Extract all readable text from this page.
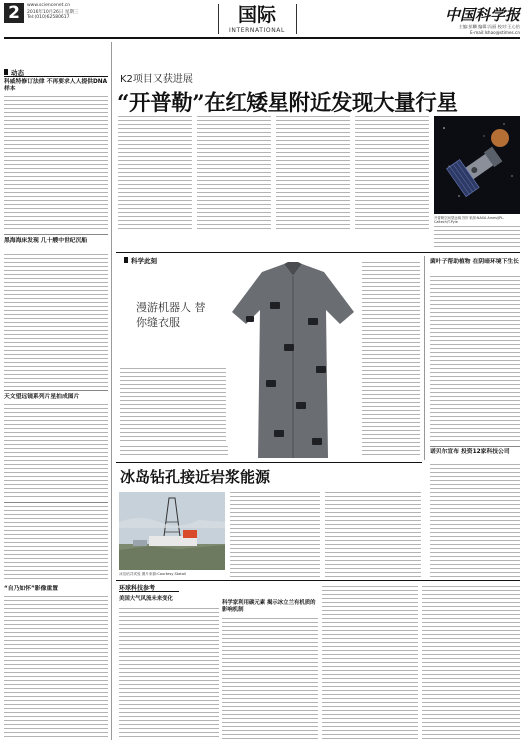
2	2016年10月26日 星期三
www.sciencenet.cn
Tel:(010)62580617	国际
INTERNATIONAL
中国科学报
主编:彭麟 编辑:冯丽 校对:王心怡
E-mail:lshao@stimes.cn
动态
科威特修订法律 不再要求人人提供DNA样本
黑海海床发现 几十艘中世纪沉船
天文望远镜系列片星拍成图片
“自乃如怀”影像重置
K2项目又获进展
“开普勒”在红矮星附近发现大量行星
开普勒空间望远镜 图片来源:NASA Ames/JPL-Caltech/T.Pyle
科学此刻
漫游机器人 替你缝衣服
菌叶子帮助植物 在阴暗环境下生长
诺贝尔宣布 投资12家科技公司
冰岛钻孔接近岩浆能源
冰岛钻井试验 图片来源:Courtesy Statoil
环球科技参考
美国大气风流未来变化
科学家利用碳元素 揭示冰立兰有机质的影响机制
